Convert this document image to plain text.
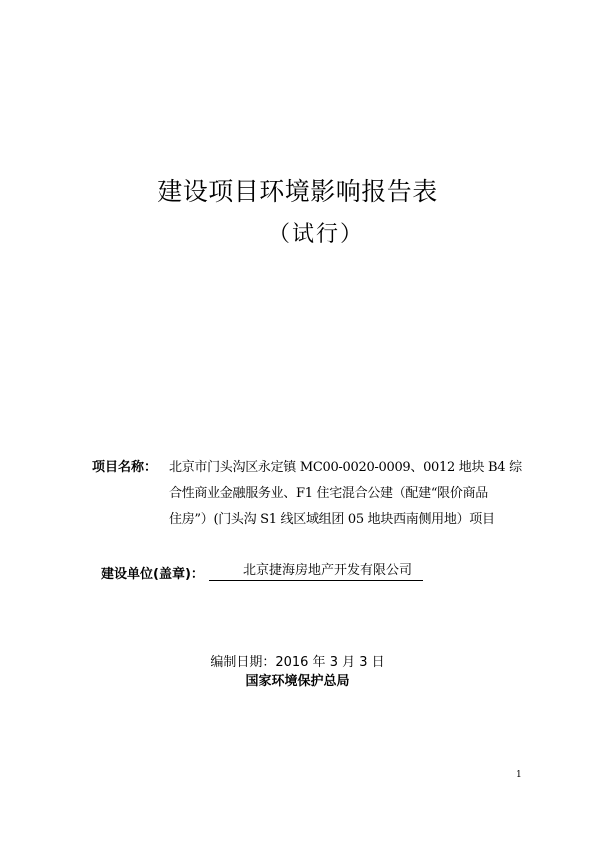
建设项目环境影响报告表
（试行）
项目名称： 北京市门头沟区永定镇 MC00-0020-0009、0012 地块 B4 综
合性商业金融服务业、F1 住宅混合公建（配建“限价商品
住房”）(门头沟 S1 线区域组团 05 地块西南侧用地）项目
建设单位(盖章)：	北京捷海房地产开发有限公司
编制日期：2016 年 3 月 3 日
国家环境保护总局
1
